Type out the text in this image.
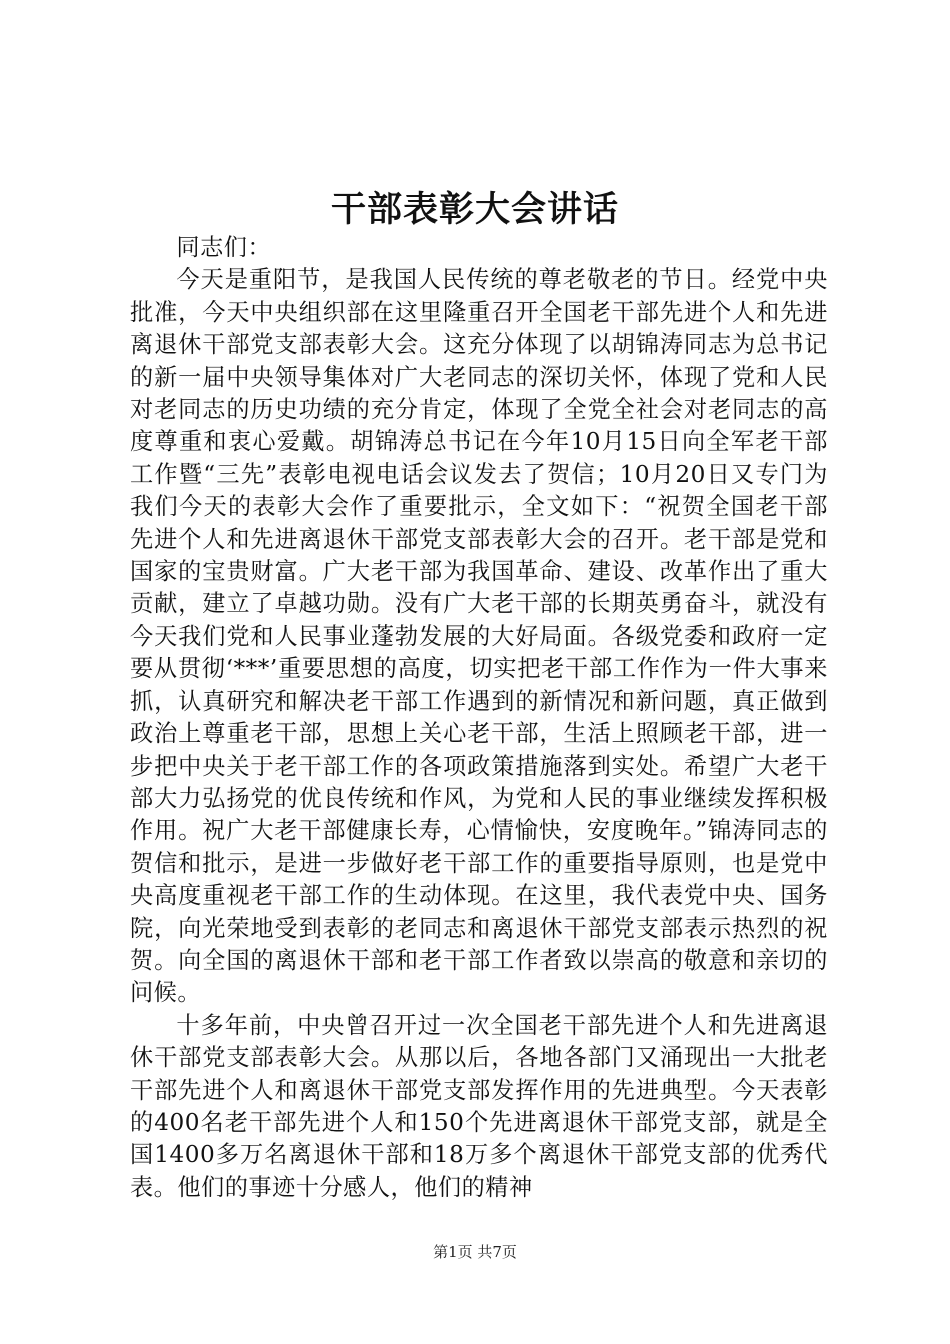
干部表彰大会讲话

同志们：

今天是重阳节，是我国人民传统的尊老敬老的节日。经党中央批准，今天中央组织部在这里隆重召开全国老干部先进个人和先进离退休干部党支部表彰大会。这充分体现了以胡锦涛同志为总书记的新一届中央领导集体对广大老同志的深切关怀，体现了党和人民对老同志的历史功绩的充分肯定，体现了全党全社会对老同志的高度尊重和衷心爱戴。胡锦涛总书记在今年10月15日向全军老干部工作暨“三先”表彰电视电话会议发去了贺信；10月20日又专门为我们今天的表彰大会作了重要批示，全文如下：“祝贺全国老干部先进个人和先进离退休干部党支部表彰大会的召开。老干部是党和国家的宝贵财富。广大老干部为我国革命、建设、改革作出了重大贡献，建立了卓越功勋。没有广大老干部的长期英勇奋斗，就没有今天我们党和人民事业蓬勃发展的大好局面。各级党委和政府一定要从贯彻‘***’重要思想的高度，切实把老干部工作作为一件大事来抓，认真研究和解决老干部工作遇到的新情况和新问题，真正做到政治上尊重老干部，思想上关心老干部，生活上照顾老干部，进一步把中央关于老干部工作的各项政策措施落到实处。希望广大老干部大力弘扬党的优良传统和作风，为党和人民的事业继续发挥积极作用。祝广大老干部健康长寿，心情愉快，安度晚年。”锦涛同志的贺信和批示，是进一步做好老干部工作的重要指导原则，也是党中央高度重视老干部工作的生动体现。在这里，我代表党中央、国务院，向光荣地受到表彰的老同志和离退休干部党支部表示热烈的祝贺。向全国的离退休干部和老干部工作者致以崇高的敬意和亲切的问候。

十多年前，中央曾召开过一次全国老干部先进个人和先进离退休干部党支部表彰大会。从那以后，各地各部门又涌现出一大批老干部先进个人和离退休干部党支部发挥作用的先进典型。今天表彰的400名老干部先进个人和150个先进离退休干部党支部，就是全国1400多万名离退休干部和18万多个离退休干部党支部的优秀代表。他们的事迹十分感人，他们的精神

第1页 共7页
